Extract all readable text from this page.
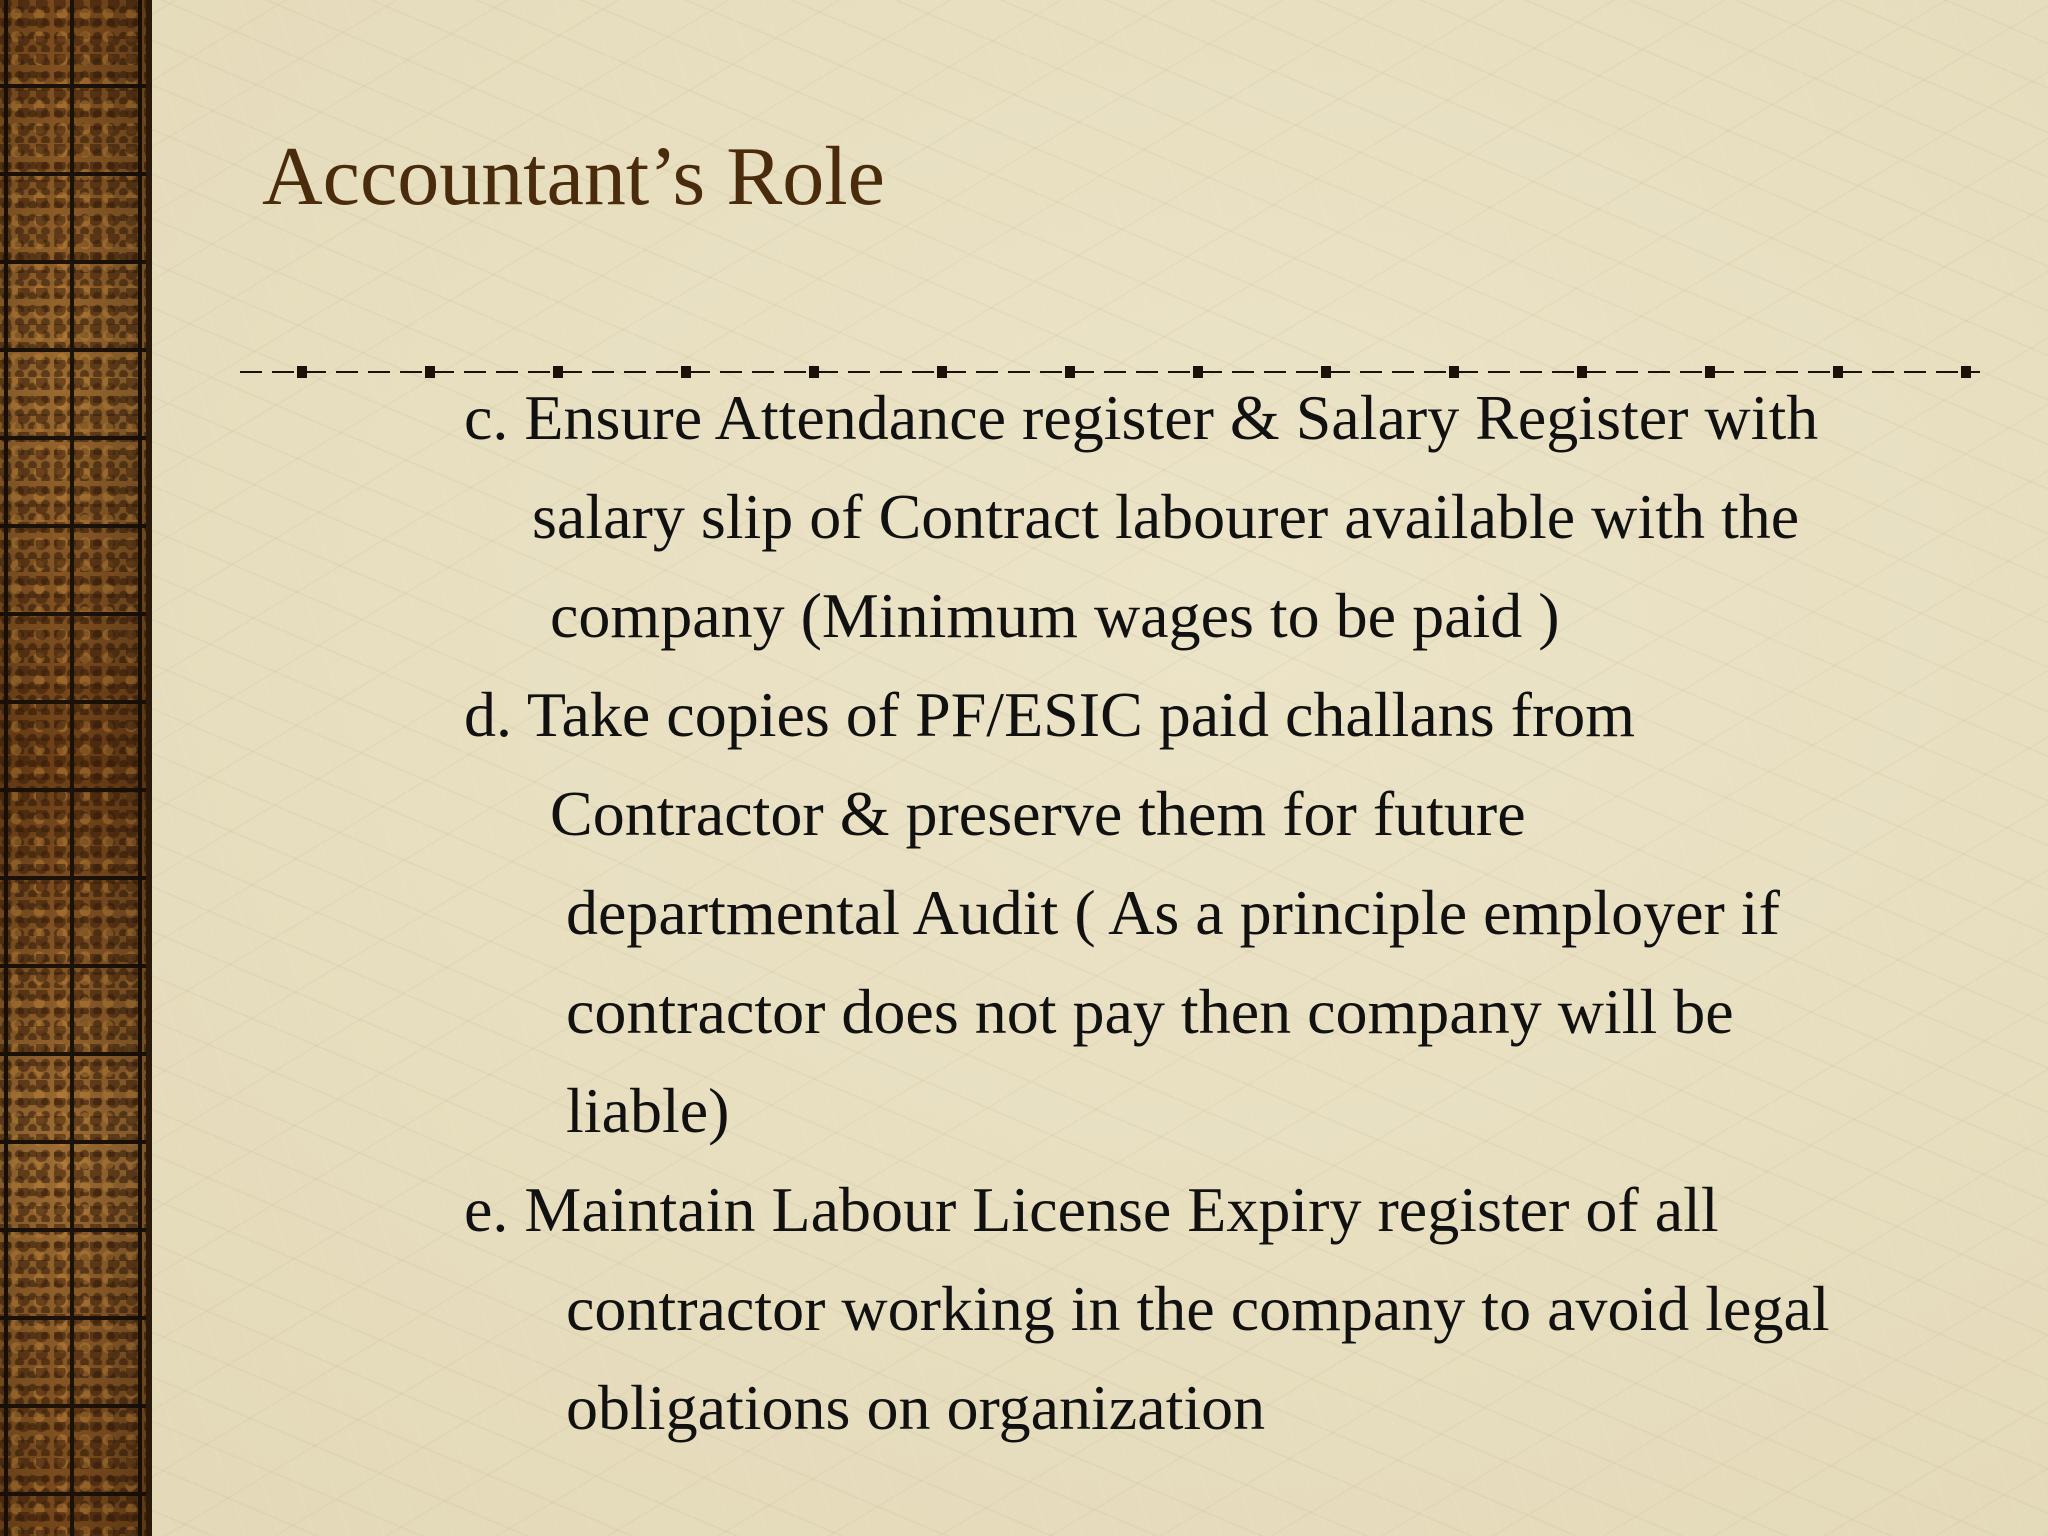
Accountant’s Role
c. Ensure Attendance register & Salary Register with
salary slip of Contract labourer available with the
company (Minimum wages to be paid )
d. Take copies of PF/ESIC paid challans from
Contractor & preserve them for future
departmental Audit ( As a principle employer if
contractor does not pay then company will be
liable)
e. Maintain Labour License Expiry register of all
contractor working in the company to avoid legal
obligations on organization
